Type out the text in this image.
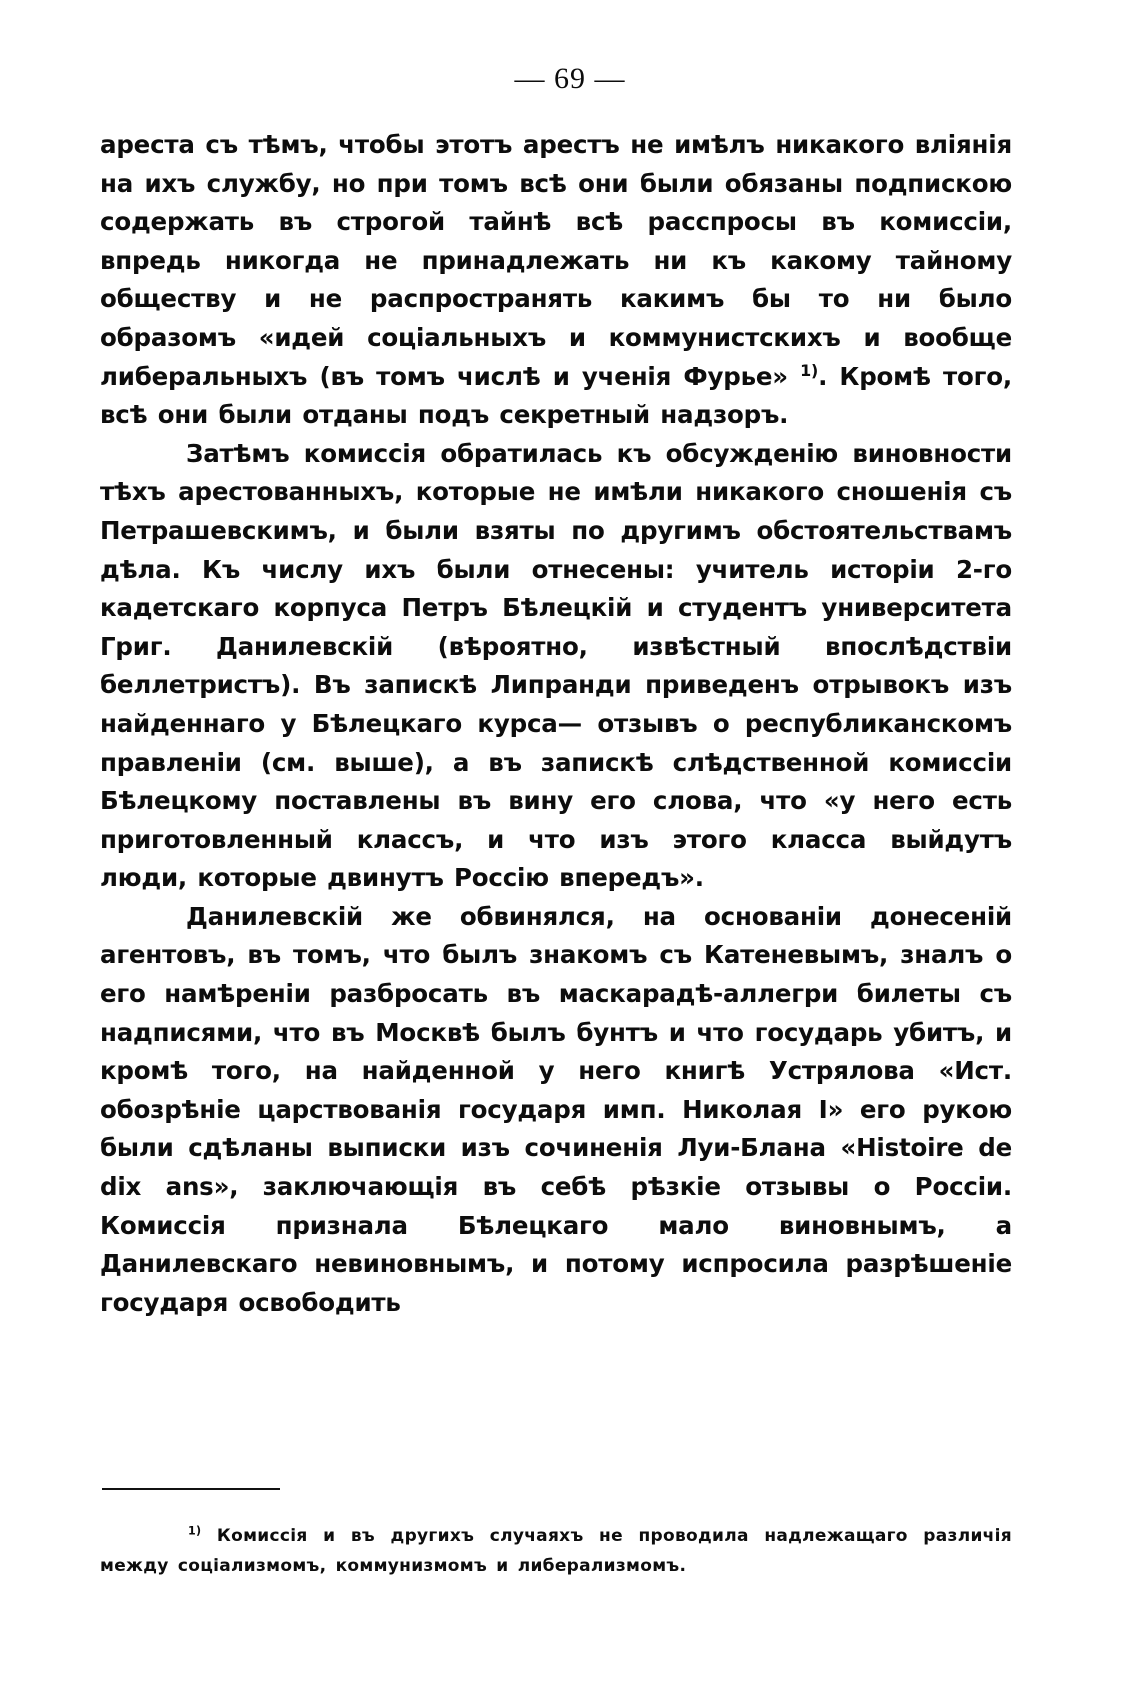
— 69 —

ареста съ тѣмъ, чтобы этотъ арестъ не имѣлъ никакого вліянія на ихъ службу, но при томъ всѣ они были обязаны подпискою содержать въ строгой тайнѣ всѣ расспросы въ комиссіи, впредь никогда не принадлежать ни къ какому тайному обществу и не распространять какимъ бы то ни было образомъ «идей соціальныхъ и коммунистскихъ и вообще либеральныхъ (въ томъ числѣ и ученія Фурье» $^{1)}$. Кромѣ того, всѣ они были отданы подъ секретный надзоръ.

Затѣмъ комиссія обратилась къ обсужденію виновности тѣхъ арестованныхъ, которые не имѣли никакого сношенія съ Петрашевскимъ, и были взяты по другимъ обстоятельствамъ дѣла. Къ числу ихъ были отнесены: учитель исторіи 2-го кадетскаго корпуса Петръ Бѣлецкій и студентъ университета Григ. Данилевскій (вѣроятно, извѣстный впослѣдствіи беллетристъ). Въ запискѣ Липранди приведенъ отрывокъ изъ найденнаго у Бѣлецкаго курса— отзывъ о республиканскомъ правленіи (см. выше), а въ запискѣ слѣдственной комиссіи Бѣлецкому поставлены въ вину его слова, что «у него есть приготовленный классъ, и что изъ этого класса выйдутъ люди, которые двинутъ Россію впередъ».

Данилевскій же обвинялся, на основаніи донесеній агентовъ, въ томъ, что былъ знакомъ съ Катеневымъ, зналъ о его намѣреніи разбросать въ маскарадѣ-аллегри билеты съ надписями, что въ Москвѣ былъ бунтъ и что государь убитъ, и кромѣ того, на найденной у него книгѣ Устрялова «Ист. обозрѣніе царствованія государя имп. Николая I» его рукою были сдѣланы выписки изъ сочиненія Луи-Блана «Histoire de dix ans», заключающія въ себѣ рѣзкіе отзывы о Россіи. Комиссія признала Бѣлецкаго мало виновнымъ, а Данилевскаго невиновнымъ, и потому испросила разрѣшеніе государя освободить

$^{1)}$ Комиссія и въ другихъ случаяхъ не проводила надлежащаго различія между соціализмомъ, коммунизмомъ и либерализмомъ.
